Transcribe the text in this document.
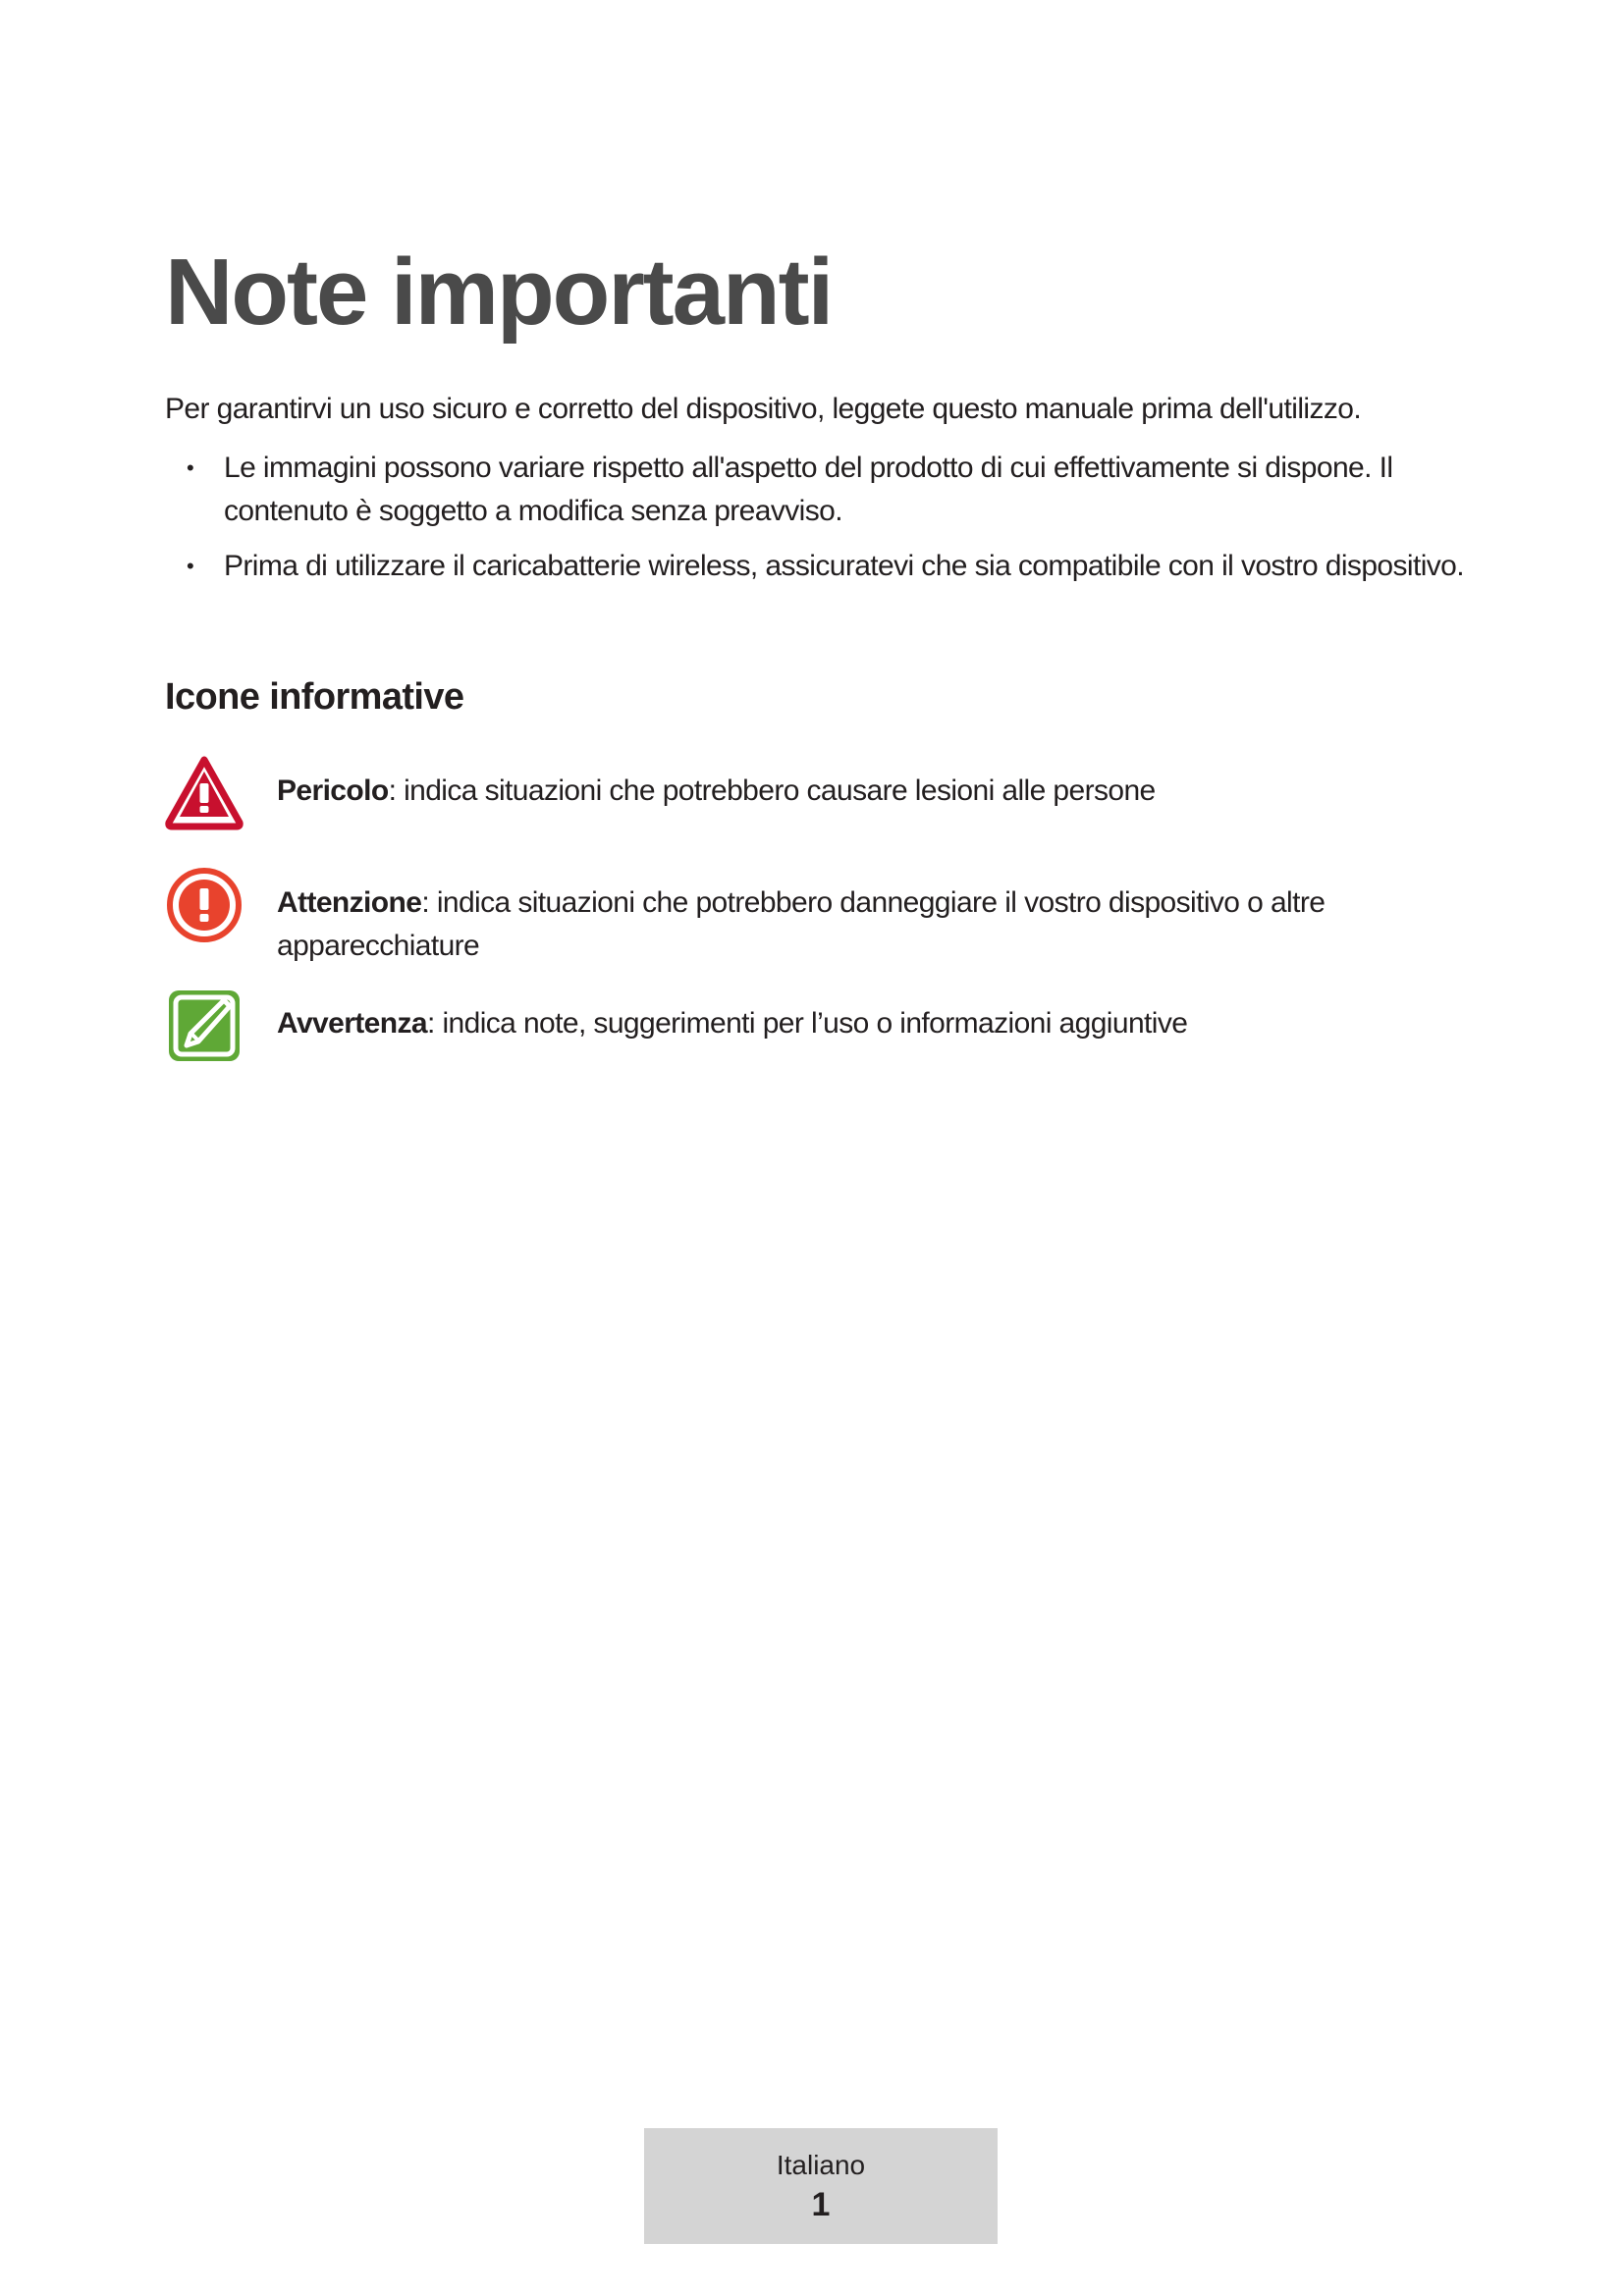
Note importanti

Per garantirvi un uso sicuro e corretto del dispositivo, leggete questo manuale prima dell'utilizzo.

• Le immagini possono variare rispetto all'aspetto del prodotto di cui effettivamente si dispone. Il contenuto è soggetto a modifica senza preavviso.
• Prima di utilizzare il caricabatterie wireless, assicuratevi che sia compatibile con il vostro dispositivo.
Icone informative
Pericolo: indica situazioni che potrebbero causare lesioni alle persone
Attenzione: indica situazioni che potrebbero danneggiare il vostro dispositivo o altre apparecchiature
Avvertenza: indica note, suggerimenti per l’uso o informazioni aggiuntive
Italiano
1
